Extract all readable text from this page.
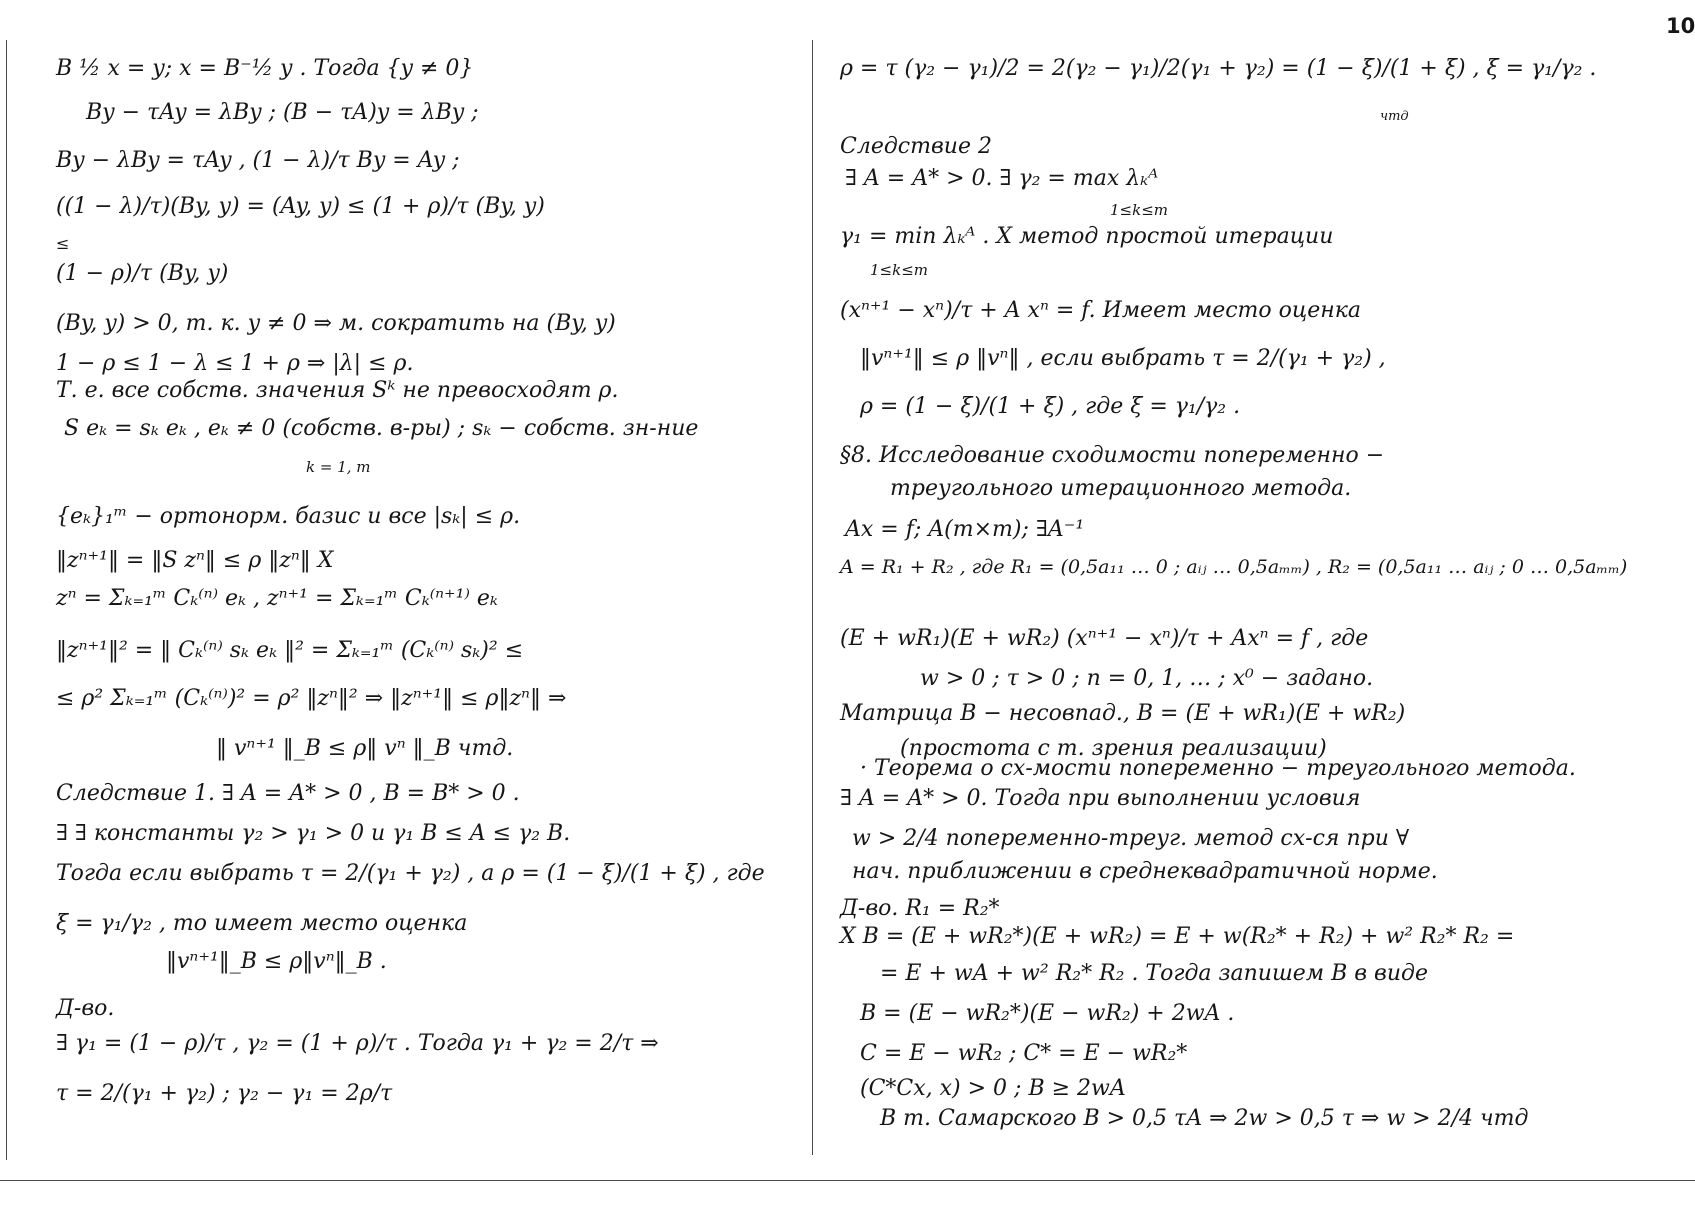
10
B ½ x = y; x = B⁻½ y . Тогда {y ≠ 0}
By − τAy = λBy ; (B − τA)y = λBy ;
By − λBy = τAy , (1 − λ)/τ By = Ay ;
((1 − λ)/τ)(By, y) = (Ay, y) ≤ (1 + ρ)/τ (By, y)
≤
(1 − ρ)/τ (By, y)
(By, y) > 0, т. к. y ≠ 0 ⇒ м. сократить на (By, y)
1 − ρ ≤ 1 − λ ≤ 1 + ρ ⇒ |λ| ≤ ρ.
Т. е. все собств. значения Sᵏ не превосходят ρ.
S eₖ = sₖ eₖ , eₖ ≠ 0 (собств. в-ры) ; sₖ − собств. зн-ние
k = 1, m
{eₖ}₁ᵐ − ортонорм. базис и все |sₖ| ≤ ρ.
‖zⁿ⁺¹‖ = ‖S zⁿ‖ ≤ ρ ‖zⁿ‖ X
zⁿ = Σₖ₌₁ᵐ Cₖ⁽ⁿ⁾ eₖ , zⁿ⁺¹ = Σₖ₌₁ᵐ Cₖ⁽ⁿ⁺¹⁾ eₖ
‖zⁿ⁺¹‖² = ‖ Cₖ⁽ⁿ⁾ sₖ eₖ ‖² = Σₖ₌₁ᵐ (Cₖ⁽ⁿ⁾ sₖ)² ≤
≤ ρ² Σₖ₌₁ᵐ (Cₖ⁽ⁿ⁾)² = ρ² ‖zⁿ‖² ⇒ ‖zⁿ⁺¹‖ ≤ ρ‖zⁿ‖ ⇒
‖ vⁿ⁺¹ ‖_B ≤ ρ‖ vⁿ ‖_B чтд.
Следствие 1. ∃ A = A* > 0 , B = B* > 0 .
∃ ∃ константы γ₂ > γ₁ > 0 и γ₁ B ≤ A ≤ γ₂ B.
Тогда если выбрать τ = 2/(γ₁ + γ₂) , а ρ = (1 − ξ)/(1 + ξ) , где
ξ = γ₁/γ₂ , то имеет место оценка
‖vⁿ⁺¹‖_B ≤ ρ‖vⁿ‖_B .
Д-во.
∃ γ₁ = (1 − ρ)/τ , γ₂ = (1 + ρ)/τ . Тогда γ₁ + γ₂ = 2/τ ⇒
τ = 2/(γ₁ + γ₂) ; γ₂ − γ₁ = 2ρ/τ
ρ = τ (γ₂ − γ₁)/2 = 2(γ₂ − γ₁)/2(γ₁ + γ₂) = (1 − ξ)/(1 + ξ) , ξ = γ₁/γ₂ .
чтд
Следствие 2
∃ A = A* > 0. ∃ γ₂ = max λₖᴬ
1≤k≤m
γ₁ = min λₖᴬ . X метод простой итерации
1≤k≤m
(xⁿ⁺¹ − xⁿ)/τ + A xⁿ = f. Имеет место оценка
‖vⁿ⁺¹‖ ≤ ρ ‖vⁿ‖ , если выбрать τ = 2/(γ₁ + γ₂) ,
ρ = (1 − ξ)/(1 + ξ) , где ξ = γ₁/γ₂ .
§8. Исследование сходимости попеременно −
треугольного итерационного метода.
Ax = f; A(m×m); ∃A⁻¹
A = R₁ + R₂ , где R₁ = (0,5a₁₁ … 0 ; aᵢⱼ … 0,5aₘₘ) , R₂ = (0,5a₁₁ … aᵢⱼ ; 0 … 0,5aₘₘ)
(E + wR₁)(E + wR₂) (xⁿ⁺¹ − xⁿ)/τ + Axⁿ = f , где
w > 0 ; τ > 0 ; n = 0, 1, … ; x⁰ − задано.
Матрица B − несовпад., B = (E + wR₁)(E + wR₂)
(простота с т. зрения реализации)
· Теорема о сх-мости попеременно − треугольного метода.
∃ A = A* > 0. Тогда при выполнении условия
w > 2/4 попеременно-треуг. метод сх-ся при ∀
нач. приближении в среднеквадратичной норме.
Д-во. R₁ = R₂*
X B = (E + wR₂*)(E + wR₂) = E + w(R₂* + R₂) + w² R₂* R₂ =
= E + wA + w² R₂* R₂ . Тогда запишем B в виде
B = (E − wR₂*)(E − wR₂) + 2wA .
C = E − wR₂ ; C* = E − wR₂*
(C*Cx, x) > 0 ; B ≥ 2wA
В т. Самарского B > 0,5 τA ⇒ 2w > 0,5 τ ⇒ w > 2/4 чтд
